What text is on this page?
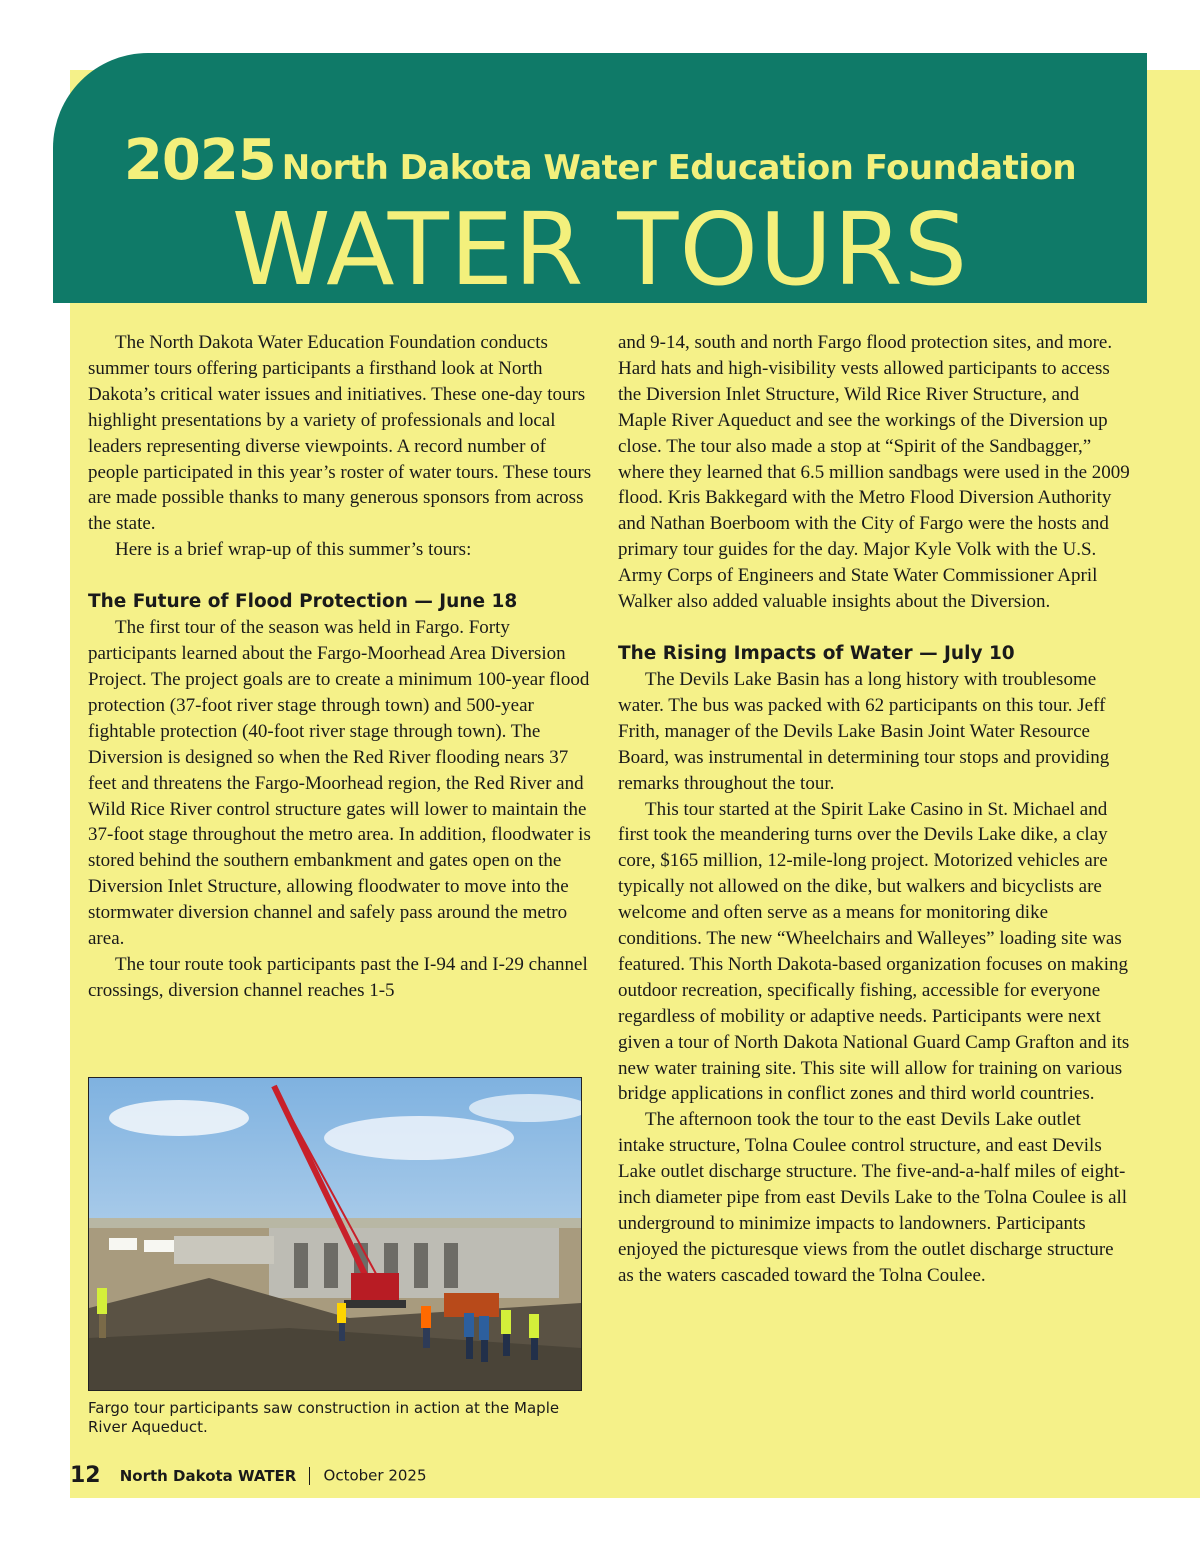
2025 North Dakota Water Education Foundation
WATER TOURS

The North Dakota Water Education Foundation conducts summer tours offering participants a firsthand look at North Dakota’s critical water issues and initiatives. These one-day tours highlight presentations by a variety of professionals and local leaders representing diverse viewpoints. A record number of people participated in this year’s roster of water tours. These tours are made possible thanks to many generous sponsors from across the state.

Here is a brief wrap-up of this summer’s tours:

The Future of Flood Protection — June 18

The first tour of the season was held in Fargo. Forty participants learned about the Fargo-Moorhead Area Diversion Project. The project goals are to create a minimum 100-year flood protection (37-foot river stage through town) and 500-year fightable protection (40-foot river stage through town). The Diversion is designed so when the Red River flooding nears 37 feet and threatens the Fargo-Moorhead region, the Red River and Wild Rice River control structure gates will lower to maintain the 37-foot stage throughout the metro area. In addition, floodwater is stored behind the southern embankment and gates open on the Diversion Inlet Structure, allowing floodwater to move into the stormwater diversion channel and safely pass around the metro area.

The tour route took participants past the I-94 and I-29 channel crossings, diversion channel reaches 1-5

Fargo tour participants saw construction in action at the Maple River Aqueduct.

and 9-14, south and north Fargo flood protection sites, and more. Hard hats and high-visibility vests allowed participants to access the Diversion Inlet Structure, Wild Rice River Structure, and Maple River Aqueduct and see the workings of the Diversion up close. The tour also made a stop at “Spirit of the Sandbagger,” where they learned that 6.5 million sandbags were used in the 2009 flood. Kris Bakkegard with the Metro Flood Diversion Authority and Nathan Boerboom with the City of Fargo were the hosts and primary tour guides for the day. Major Kyle Volk with the U.S. Army Corps of Engineers and State Water Commissioner April Walker also added valuable insights about the Diversion.

The Rising Impacts of Water — July 10

The Devils Lake Basin has a long history with troublesome water. The bus was packed with 62 participants on this tour. Jeff Frith, manager of the Devils Lake Basin Joint Water Resource Board, was instrumental in determining tour stops and providing remarks throughout the tour.

This tour started at the Spirit Lake Casino in St. Michael and first took the meandering turns over the Devils Lake dike, a clay core, $165 million, 12-mile-long project. Motorized vehicles are typically not allowed on the dike, but walkers and bicyclists are welcome and often serve as a means for monitoring dike conditions. The new “Wheelchairs and Walleyes” loading site was featured. This North Dakota-based organization focuses on making outdoor recreation, specifically fishing, accessible for everyone regardless of mobility or adaptive needs. Participants were next given a tour of North Dakota National Guard Camp Grafton and its new water training site. This site will allow for training on various bridge applications in conflict zones and third world countries.

The afternoon took the tour to the east Devils Lake outlet intake structure, Tolna Coulee control structure, and east Devils Lake outlet discharge structure. The five-and-a-half miles of eight-inch diameter pipe from east Devils Lake to the Tolna Coulee is all underground to minimize impacts to landowners. Participants enjoyed the picturesque views from the outlet discharge structure as the waters cascaded toward the Tolna Coulee.

12 North Dakota WATER October 2025
